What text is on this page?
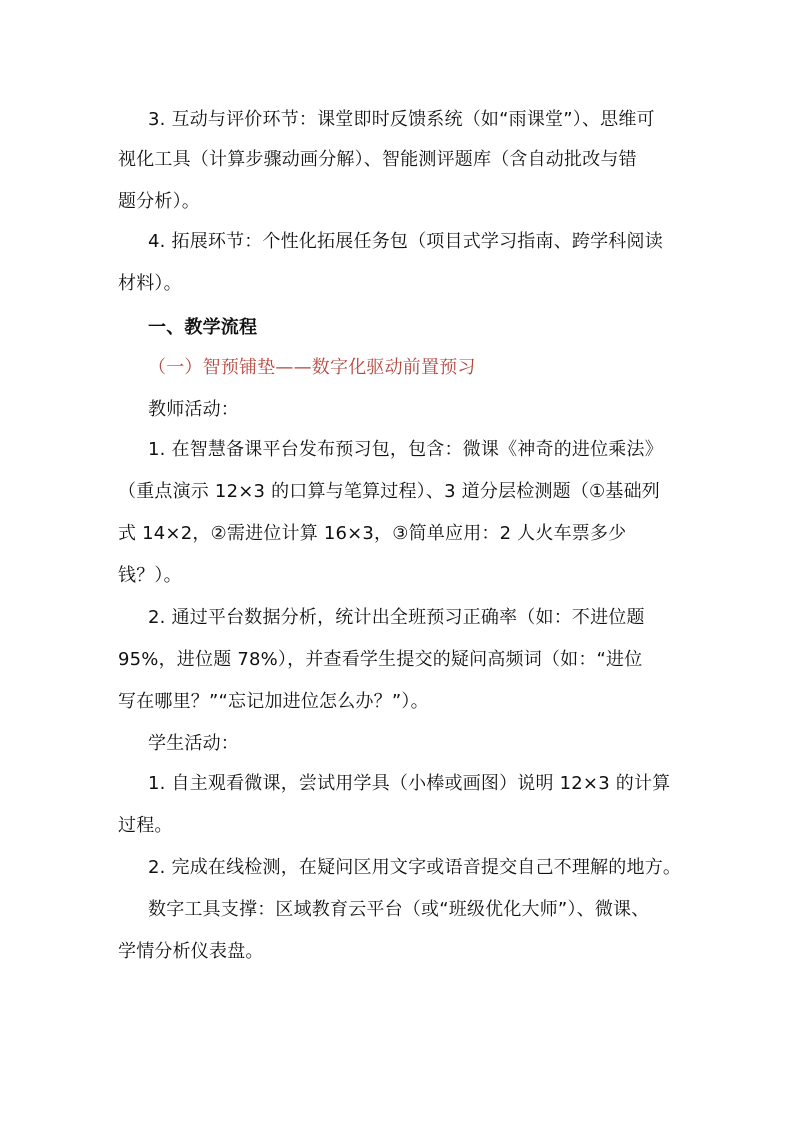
3. 互动与评价环节：课堂即时反馈系统（如“雨课堂”）、思维可
视化工具（计算步骤动画分解）、智能测评题库（含自动批改与错
题分析）。
4. 拓展环节：个性化拓展任务包（项目式学习指南、跨学科阅读
材料）。
一、教学流程
（一）智预铺垫——数字化驱动前置预习
教师活动：
1. 在智慧备课平台发布预习包，包含：微课《神奇的进位乘法》
（重点演示 12×3 的口算与笔算过程）、3 道分层检测题（①基础列
式 14×2，②需进位计算 16×3，③简单应用：2 人火车票多少
钱？）。
2. 通过平台数据分析，统计出全班预习正确率（如：不进位题
95%，进位题 78%），并查看学生提交的疑问高频词（如：“进位
写在哪里？”“忘记加进位怎么办？”）。
学生活动：
1. 自主观看微课，尝试用学具（小棒或画图）说明 12×3 的计算
过程。
2. 完成在线检测，在疑问区用文字或语音提交自己不理解的地方。
数字工具支撑：区域教育云平台（或“班级优化大师”）、微课、
学情分析仪表盘。
